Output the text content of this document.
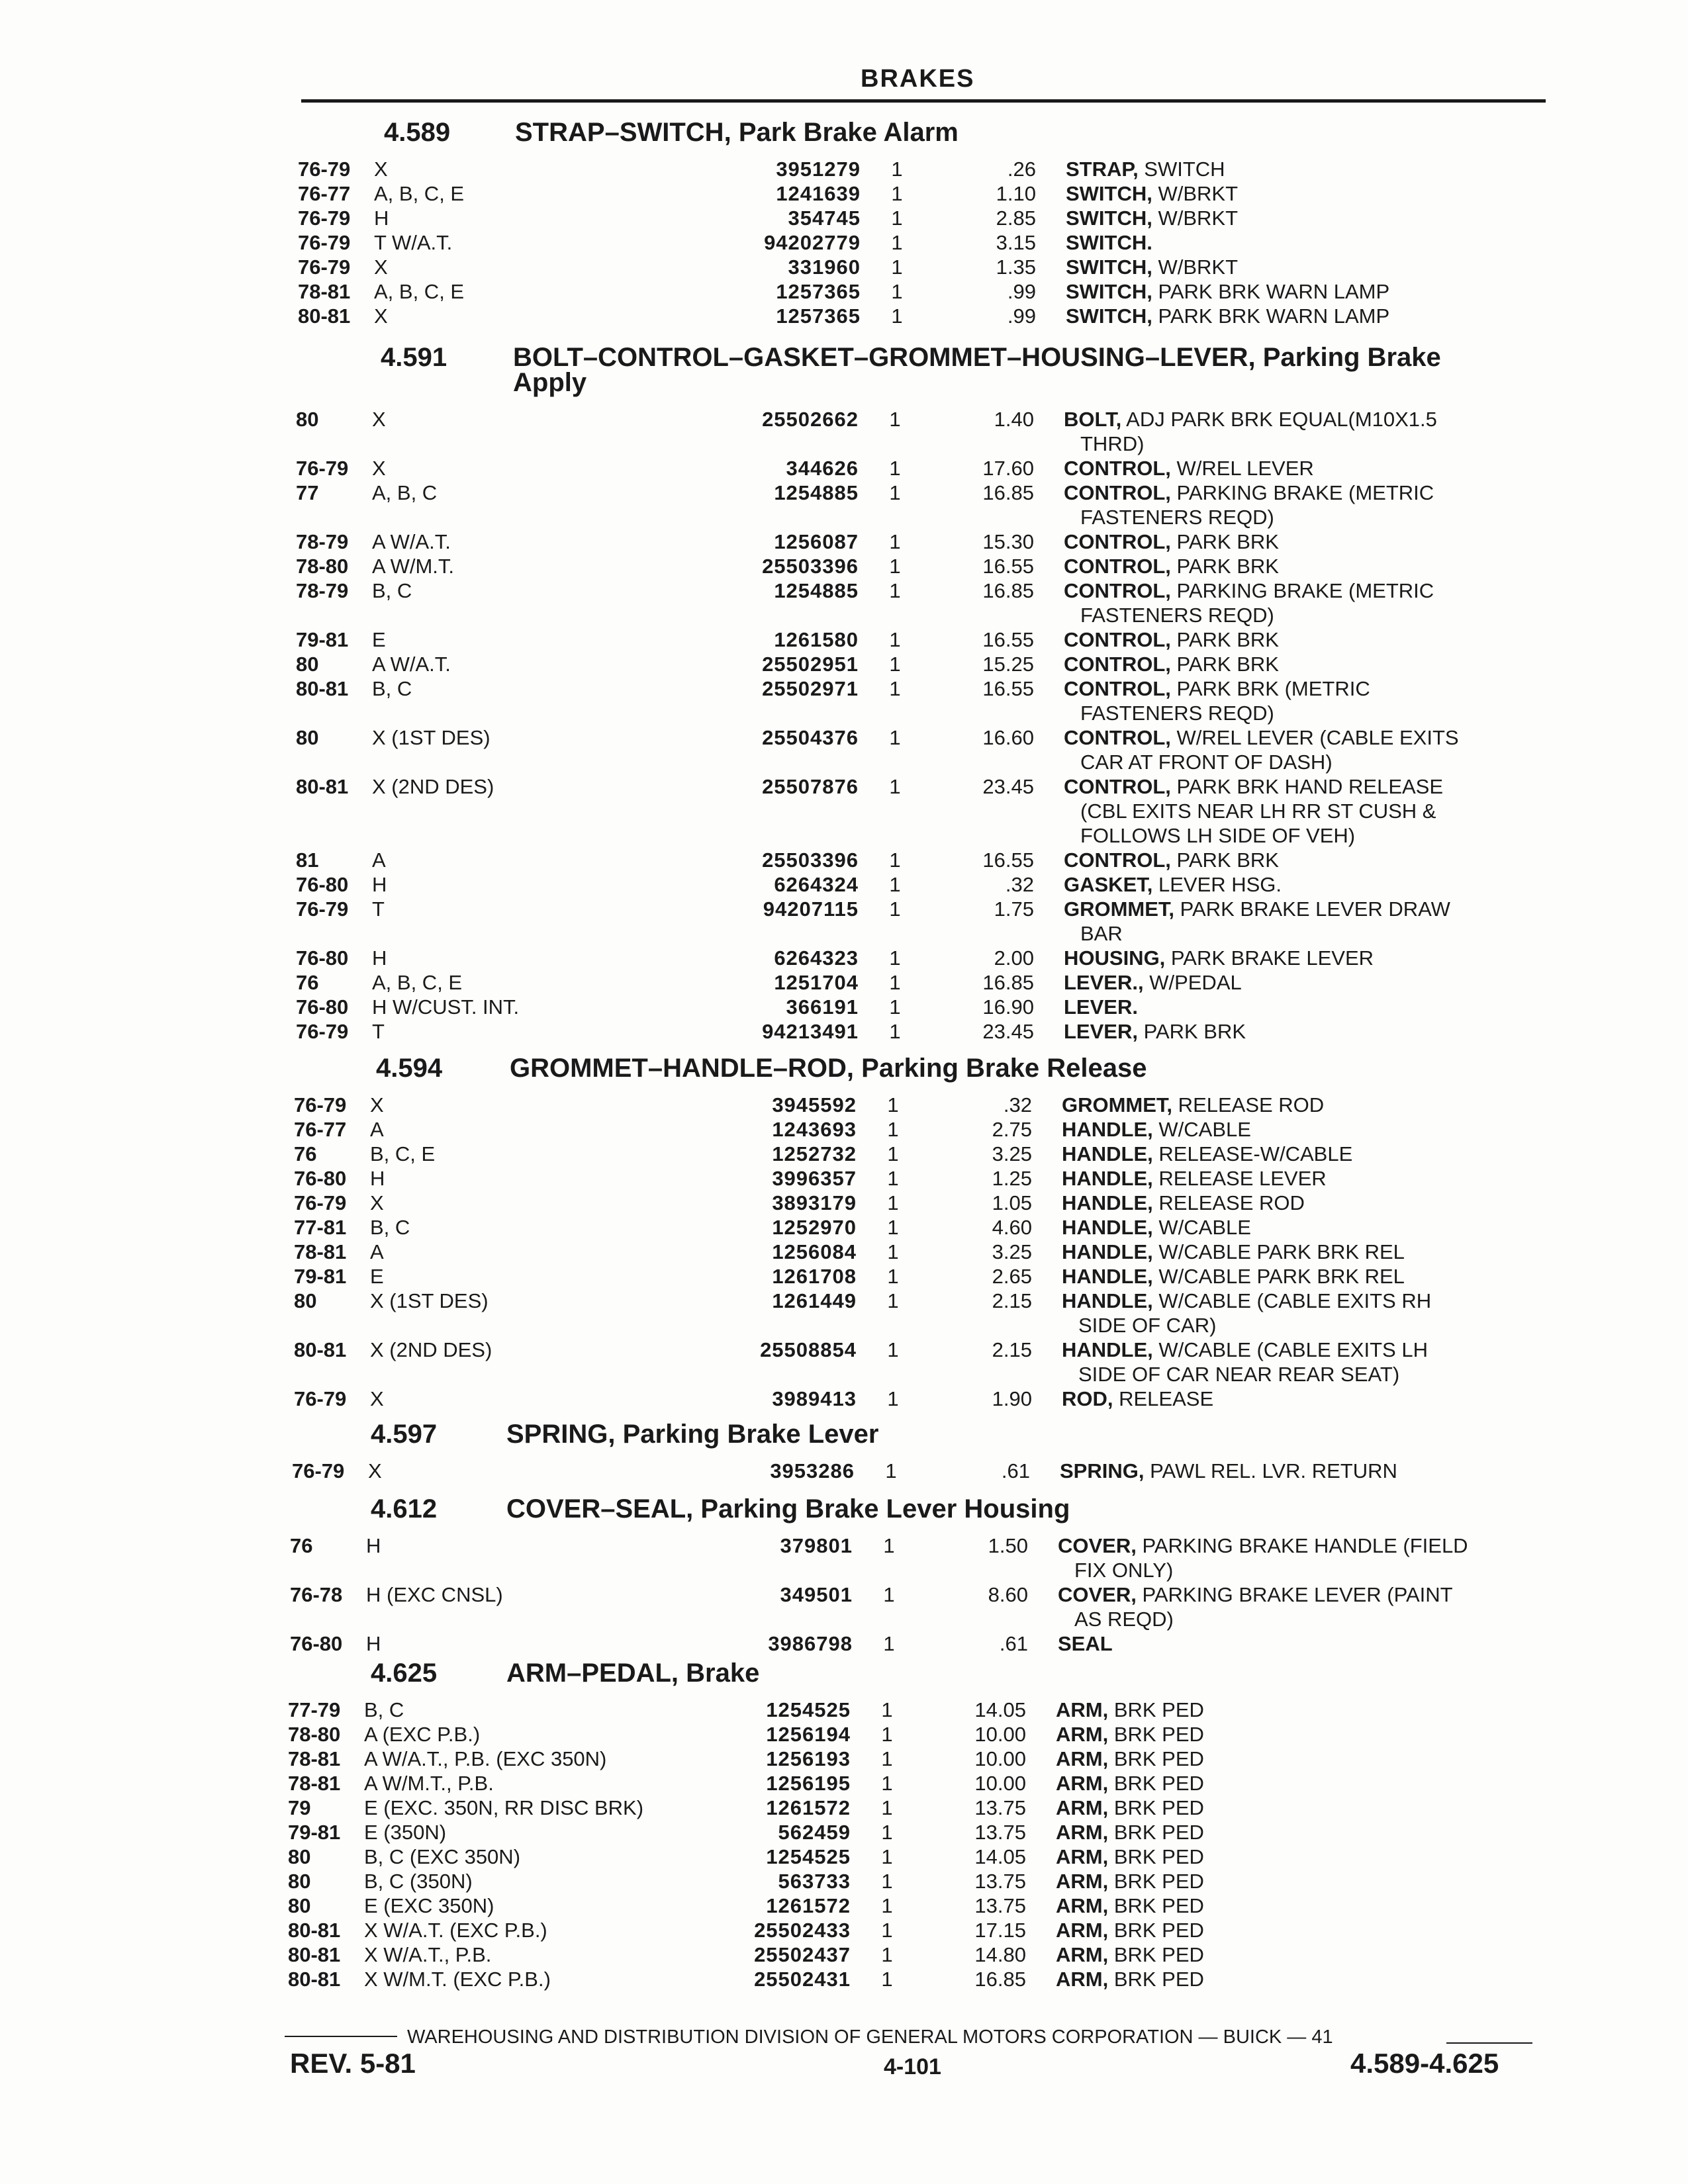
BRAKES
4.589 STRAP–SWITCH, Park Brake Alarm
76-79 X	3951279	1	.26 STRAP, SWITCH
76-77 A, B, C, E	1241639	1	1.10 SWITCH, W/BRKT
76-79 H	354745	1	2.85 SWITCH, W/BRKT
76-79 T W/A.T.	94202779	1	3.15 SWITCH.
76-79 X	331960	1	1.35 SWITCH, W/BRKT
78-81 A, B, C, E	1257365	1	.99 SWITCH, PARK BRK WARN LAMP
80-81 X	1257365	1	.99 SWITCH, PARK BRK WARN LAMP
4.591 BOLT–CONTROL–GASKET–GROMMET–HOUSING–LEVER, Parking Brake
Apply
80	X	25502662	1	1.40 BOLT, ADJ PARK BRK EQUAL(M10X1.5
THRD)
76-79 X	344626	1	17.60 CONTROL, W/REL LEVER
77	A, B, C	1254885	1	16.85 CONTROL, PARKING BRAKE (METRIC
FASTENERS REQD)
78-79 A W/A.T.	1256087	1	15.30 CONTROL, PARK BRK
78-80 A W/M.T.	25503396	1	16.55 CONTROL, PARK BRK
78-79 B, C	1254885	1	16.85 CONTROL, PARKING BRAKE (METRIC
FASTENERS REQD)
79-81 E	1261580	1	16.55 CONTROL, PARK BRK
80	A W/A.T.	25502951	1	15.25 CONTROL, PARK BRK
80-81 B, C	25502971	1	16.55 CONTROL, PARK BRK (METRIC
FASTENERS REQD)
80	X (1ST DES)	25504376	1	16.60 CONTROL, W/REL LEVER (CABLE EXITS
CAR AT FRONT OF DASH)
80-81 X (2ND DES)	25507876	1	23.45 CONTROL, PARK BRK HAND RELEASE
(CBL EXITS NEAR LH RR ST CUSH &
FOLLOWS LH SIDE OF VEH)
81	A	25503396	1	16.55 CONTROL, PARK BRK
76-80 H	6264324	1	.32 GASKET, LEVER HSG.
76-79 T	94207115	1	1.75 GROMMET, PARK BRAKE LEVER DRAW
BAR
76-80 H	6264323	1	2.00 HOUSING, PARK BRAKE LEVER
76	A, B, C, E	1251704	1	16.85 LEVER., W/PEDAL
76-80 H W/CUST. INT.	366191	1	16.90 LEVER.
76-79 T	94213491	1	23.45 LEVER, PARK BRK
4.594	GROMMET–HANDLE–ROD, Parking Brake Release
76-79 X	3945592	1	.32 GROMMET, RELEASE ROD
76-77 A	1243693	1	2.75 HANDLE, W/CABLE
76	B, C, E	1252732	1	3.25 HANDLE, RELEASE-W/CABLE
76-80 H	3996357	1	1.25 HANDLE, RELEASE LEVER
76-79 X	3893179	1	1.05 HANDLE, RELEASE ROD
77-81 B, C	1252970	1	4.60 HANDLE, W/CABLE
78-81 A	1256084	1	3.25 HANDLE, W/CABLE PARK BRK REL
79-81 E	1261708	1	2.65 HANDLE, W/CABLE PARK BRK REL
80	X (1ST DES)	1261449	1	2.15 HANDLE, W/CABLE (CABLE EXITS RH
SIDE OF CAR)
80-81 X (2ND DES)	25508854	1	2.15 HANDLE, W/CABLE (CABLE EXITS LH
SIDE OF CAR NEAR REAR SEAT)
76-79 X	3989413	1	1.90 ROD, RELEASE
4.597	SPRING, Parking Brake Lever
76-79 X	3953286	1	.61 SPRING, PAWL REL. LVR. RETURN
4.612	COVER–SEAL, Parking Brake Lever Housing
76	H	379801	1	1.50 COVER, PARKING BRAKE HANDLE (FIELD
FIX ONLY)
76-78 H (EXC CNSL)	349501	1	8.60 COVER, PARKING BRAKE LEVER (PAINT
AS REQD)
76-80 H	3986798	1	.61 SEAL
4.625	ARM–PEDAL, Brake
77-79 B, C	1254525	1	14.05 ARM, BRK PED
78-80 A (EXC P.B.)	1256194	1	10.00 ARM, BRK PED
78-81 A W/A.T., P.B. (EXC 350N)	1256193	1	10.00 ARM, BRK PED
78-81 A W/M.T., P.B.	1256195	1	10.00 ARM, BRK PED
79	E (EXC. 350N, RR DISC BRK)	1261572	1	13.75 ARM, BRK PED
79-81 E (350N)	562459	1	13.75 ARM, BRK PED
80	B, C (EXC 350N)	1254525	1	14.05 ARM, BRK PED
80	B, C (350N)	563733	1	13.75 ARM, BRK PED
80	E (EXC 350N)	1261572	1	13.75 ARM, BRK PED
80-81 X W/A.T. (EXC P.B.)	25502433	1	17.15 ARM, BRK PED
80-81 X W/A.T., P.B.	25502437	1	14.80 ARM, BRK PED
80-81 X W/M.T. (EXC P.B.)	25502431	1	16.85 ARM, BRK PED
WAREHOUSING AND DISTRIBUTION DIVISION OF GENERAL MOTORS CORPORATION — BUICK — 41
REV. 5-81	4-101	4.589-4.625
